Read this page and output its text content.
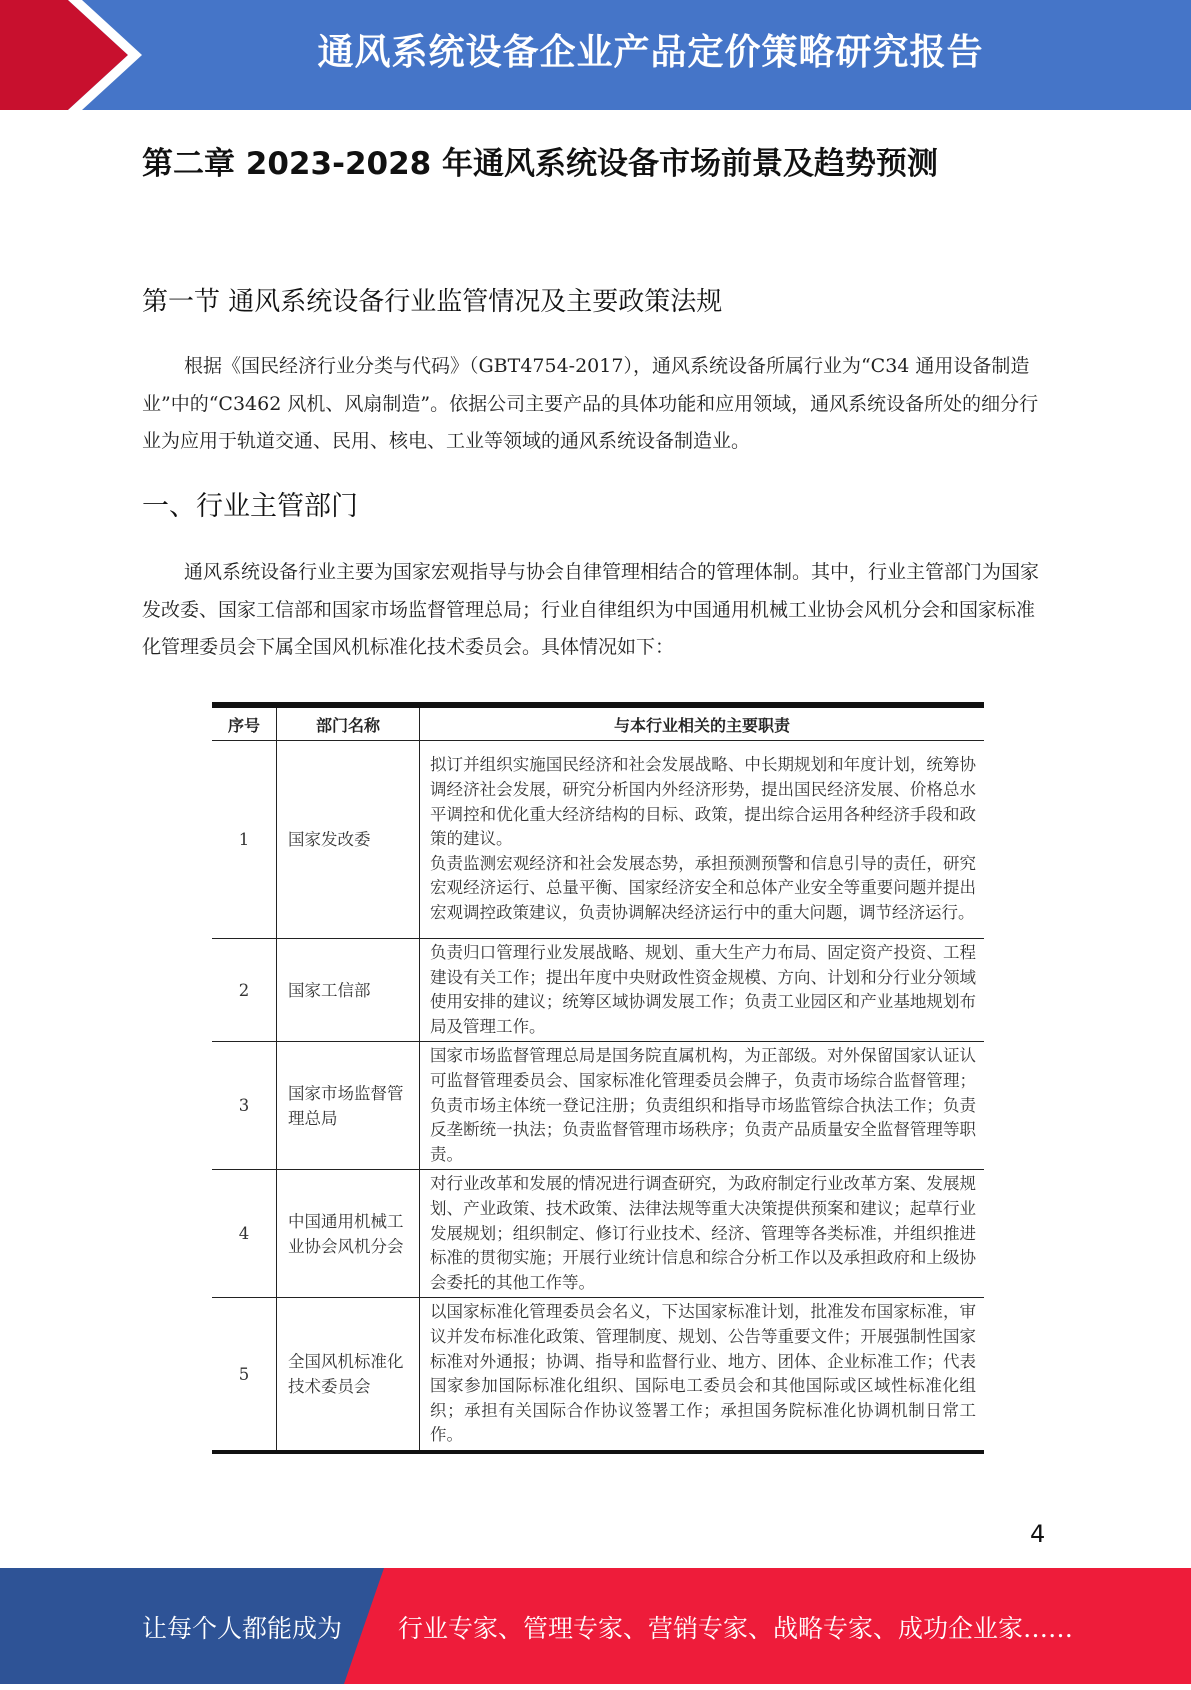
通风系统设备企业产品定价策略研究报告
第二章 2023-2028 年通风系统设备市场前景及趋势预测
第一节 通风系统设备行业监管情况及主要政策法规

根据《国民经济行业分类与代码》（GBT4754-2017），通风系统设备所属行业为“C34 通用设备制造业”中的“C3462 风机、风扇制造”。依据公司主要产品的具体功能和应用领域，通风系统设备所处的细分行业为应用于轨道交通、民用、核电、工业等领域的通风系统设备制造业。

一、行业主管部门

通风系统设备行业主要为国家宏观指导与协会自律管理相结合的管理体制。其中，行业主管部门为国家发改委、国家工信部和国家市场监督管理总局；行业自律组织为中国通用机械工业协会风机分会和国家标准化管理委员会下属全国风机标准化技术委员会。具体情况如下：

序号	部门名称	与本行业相关的主要职责
1	国家发改委	拟订并组织实施国民经济和社会发展战略、中长期规划和年度计划，统筹协调经济社会发展，研究分析国内外经济形势，提出国民经济发展、价格总水平调控和优化重大经济结构的目标、政策，提出综合运用各种经济手段和政策的建议。
负责监测宏观经济和社会发展态势，承担预测预警和信息引导的责任，研究宏观经济运行、总量平衡、国家经济安全和总体产业安全等重要问题并提出宏观调控政策建议，负责协调解决经济运行中的重大问题，调节经济运行。

2	国家工信部	负责归口管理行业发展战略、规划、重大生产力布局、固定资产投资、工程建设有关工作；提出年度中央财政性资金规模、方向、计划和分行业分领域使用安排的建议；统筹区域协调发展工作；负责工业园区和产业基地规划布局及管理工作。
3	国家市场监督管理总局	国家市场监督管理总局是国务院直属机构，为正部级。对外保留国家认证认可监督管理委员会、国家标准化管理委员会牌子，负责市场综合监督管理；负责市场主体统一登记注册；负责组织和指导市场监管综合执法工作；负责反垄断统一执法；负责监督管理市场秩序；负责产品质量安全监督管理等职责。
4	中国通用机械工业协会风机分会	对行业改革和发展的情况进行调查研究，为政府制定行业改革方案、发展规划、产业政策、技术政策、法律法规等重大决策提供预案和建议；起草行业发展规划；组织制定、修订行业技术、经济、管理等各类标准，并组织推进标准的贯彻实施；开展行业统计信息和综合分析工作以及承担政府和上级协会委托的其他工作等。
5	全国风机标准化技术委员会	以国家标准化管理委员会名义，下达国家标准计划，批准发布国家标准，审议并发布标准化政策、管理制度、规划、公告等重要文件；开展强制性国家标准对外通报；协调、指导和监督行业、地方、团体、企业标准工作；代表国家参加国际标准化组织、国际电工委员会和其他国际或区域性标准化组织；承担有关国际合作协议签署工作；承担国务院标准化协调机制日常工作。
4
让每个人都能成为 行业专家、管理专家、营销专家、战略专家、成功企业家……
